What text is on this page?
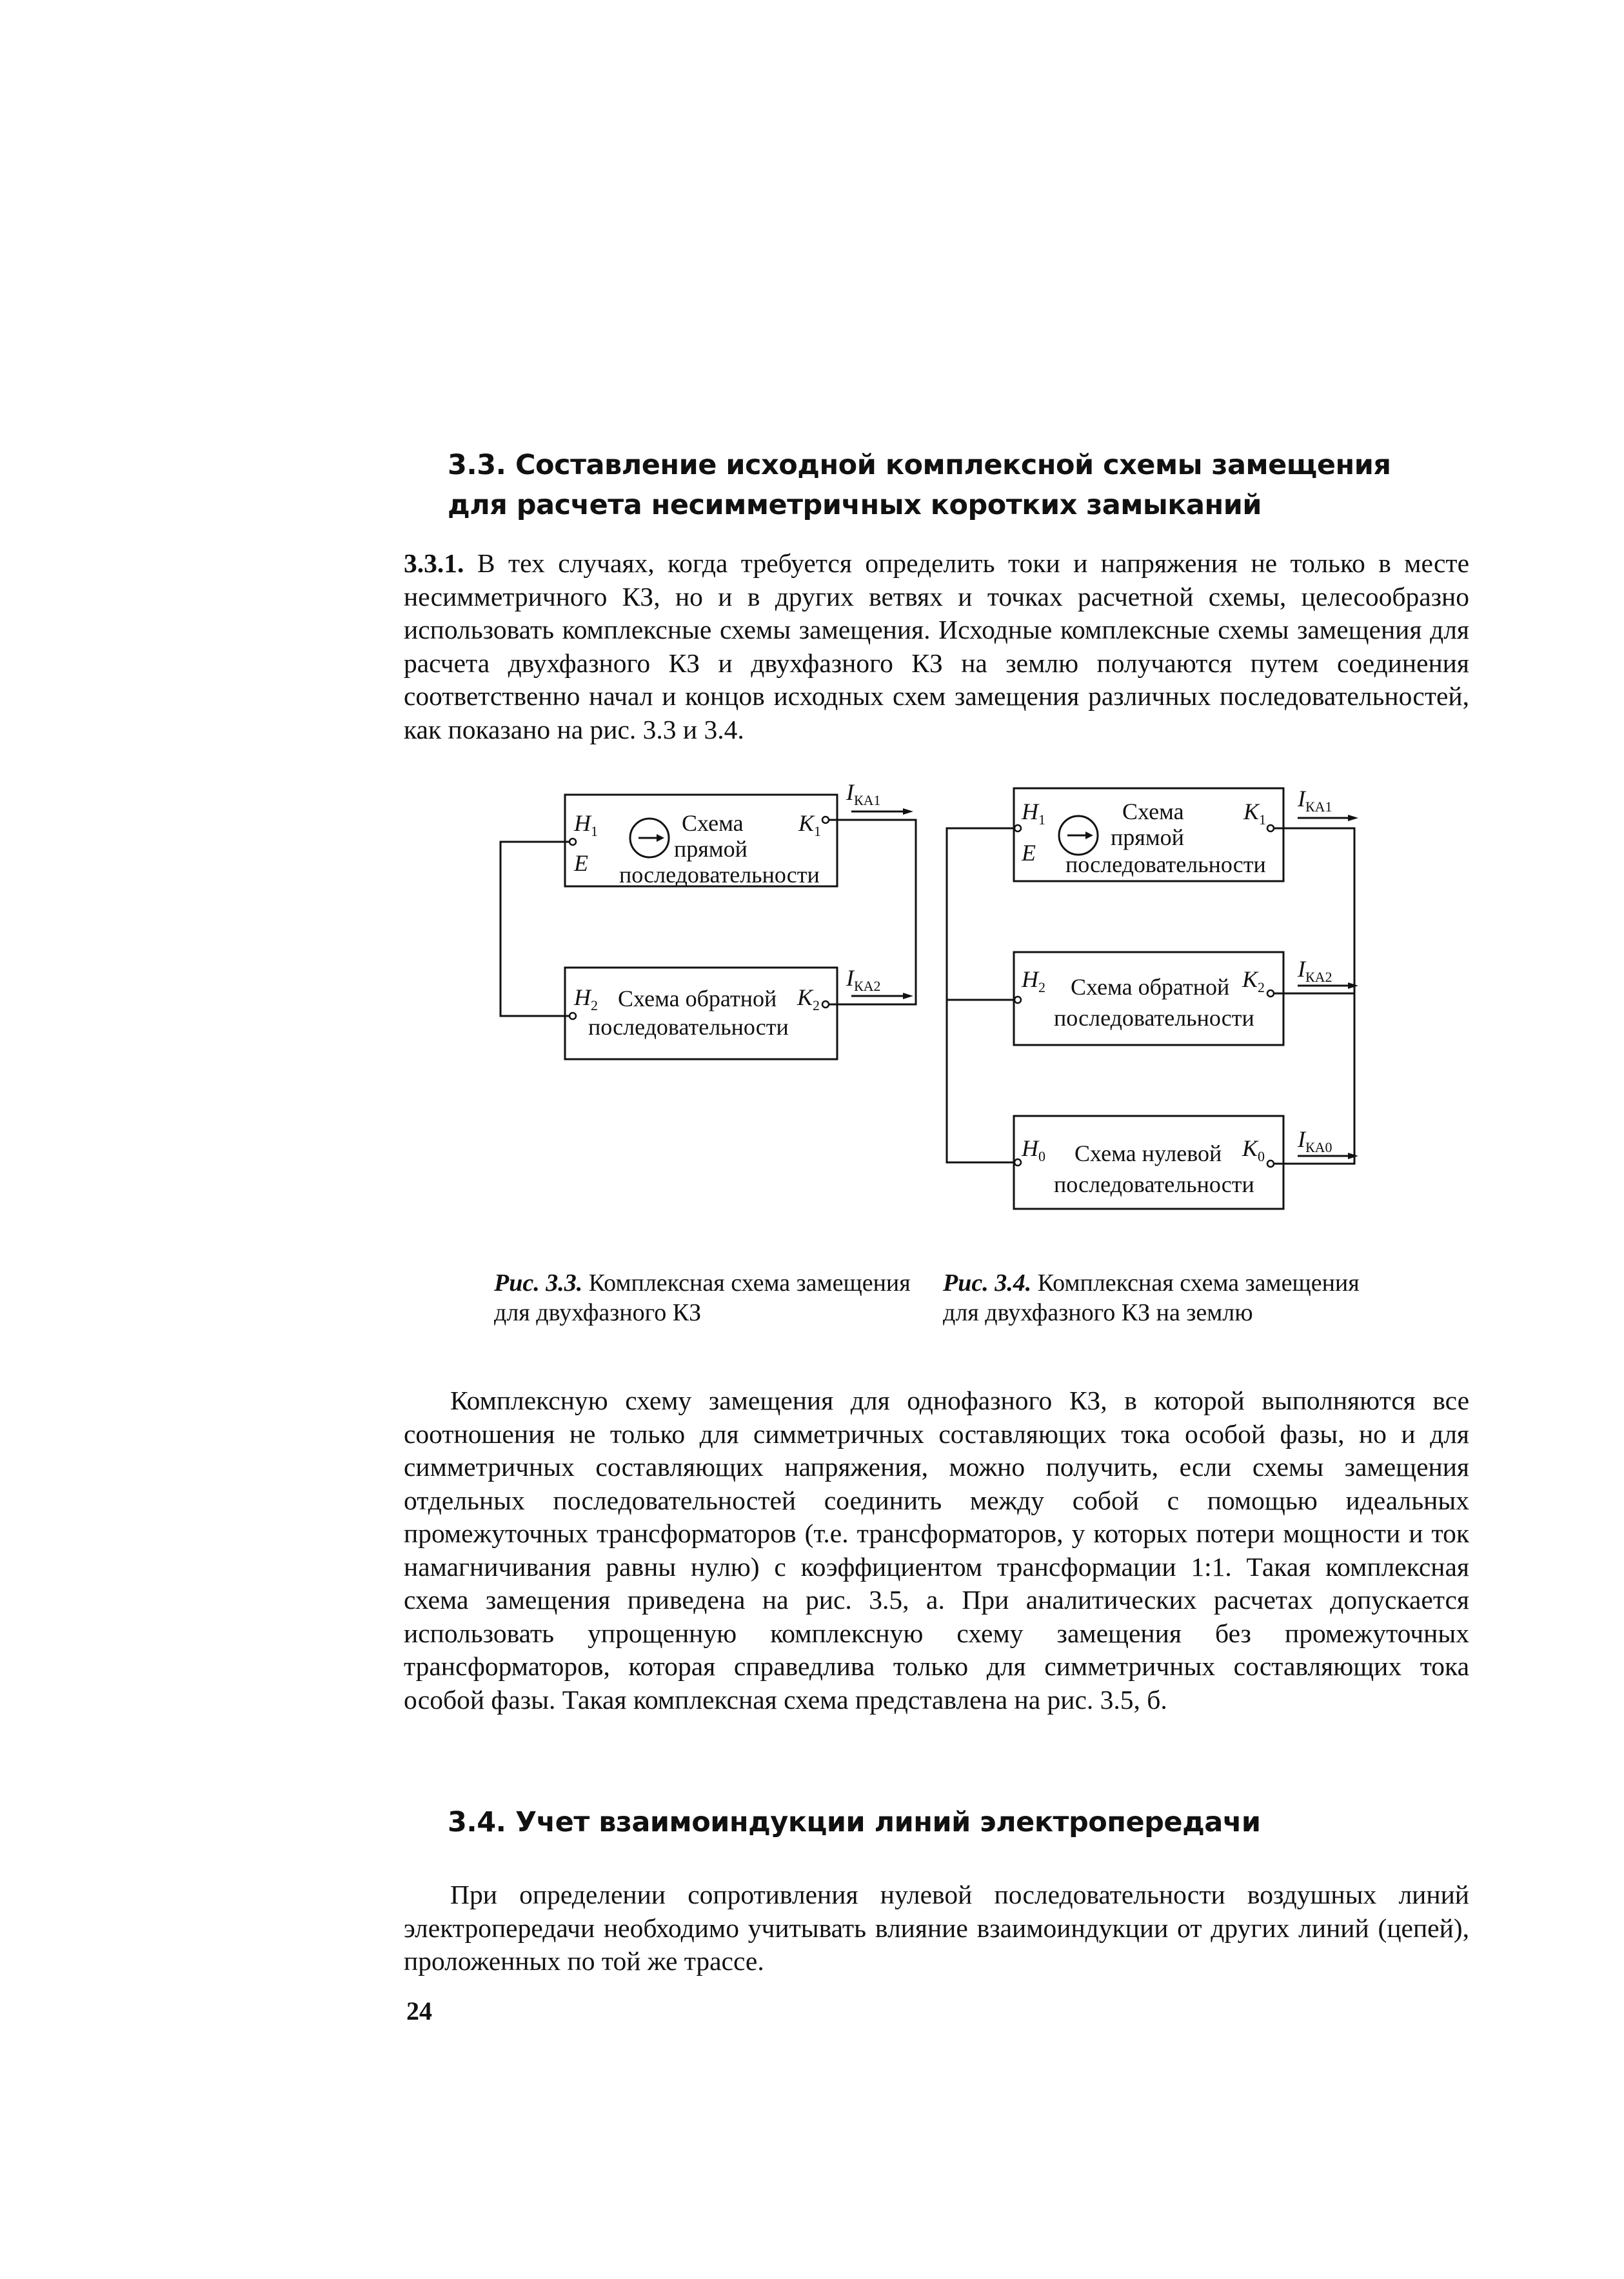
3.3. Составление исходной комплексной схемы замещения
для расчета несимметричных коротких замыканий
3.3.1. В тех случаях, когда требуется определить токи и напряжения не только в месте несимметричного КЗ, но и в других ветвях и точках расчетной схемы, целесообразно использовать комплексные схемы замещения. Исходные комплексные схемы замещения для расчета двухфазного КЗ и двухфазного КЗ на землю получаются путем соединения соответственно начал и концов исходных схем замещения различных последовательностей, как показано на рис. 3.3 и 3.4.
$H_1$
E
Схема
прямой
последовательности
$K_1$
$I_{КА1}$
$H_2$ Схема обратной
последовательности
$K_2$
$I_{КА2}$
$H_1$
E
Схема
прямой
последовательности
$K_1$
$I_{КА1}$
$H_2$ Схема обратной
последовательности
$K_2$
$I_{КА2}$
$H_0$ Схема нулевой
последовательности
$K_0$
$I_{КА0}$
Рис. 3.3. Комплексная схема замещения для двухфазного КЗ
Рис. 3.4. Комплексная схема замещения для двухфазного КЗ на землю
Комплексную схему замещения для однофазного КЗ, в которой выполняются все соотношения не только для симметричных составляющих тока особой фазы, но и для симметричных составляющих напряжения, можно получить, если схемы замещения отдельных последовательностей соединить между собой с помощью идеальных промежуточных трансформаторов (т.е. трансформаторов, у которых потери мощности и ток намагничивания равны нулю) с коэффициентом трансформации 1:1. Такая комплексная схема замещения приведена на рис. 3.5, а. При аналитических расчетах допускается использовать упрощенную комплексную схему замещения без промежуточных трансформаторов, которая справедлива только для симметричных составляющих тока особой фазы. Такая комплексная схема представлена на рис. 3.5, б.
3.4. Учет взаимоиндукции линий электропередачи
При определении сопротивления нулевой последовательности воздушных линий электропередачи необходимо учитывать влияние взаимоиндукции от других линий (цепей), проложенных по той же трассе.
24
